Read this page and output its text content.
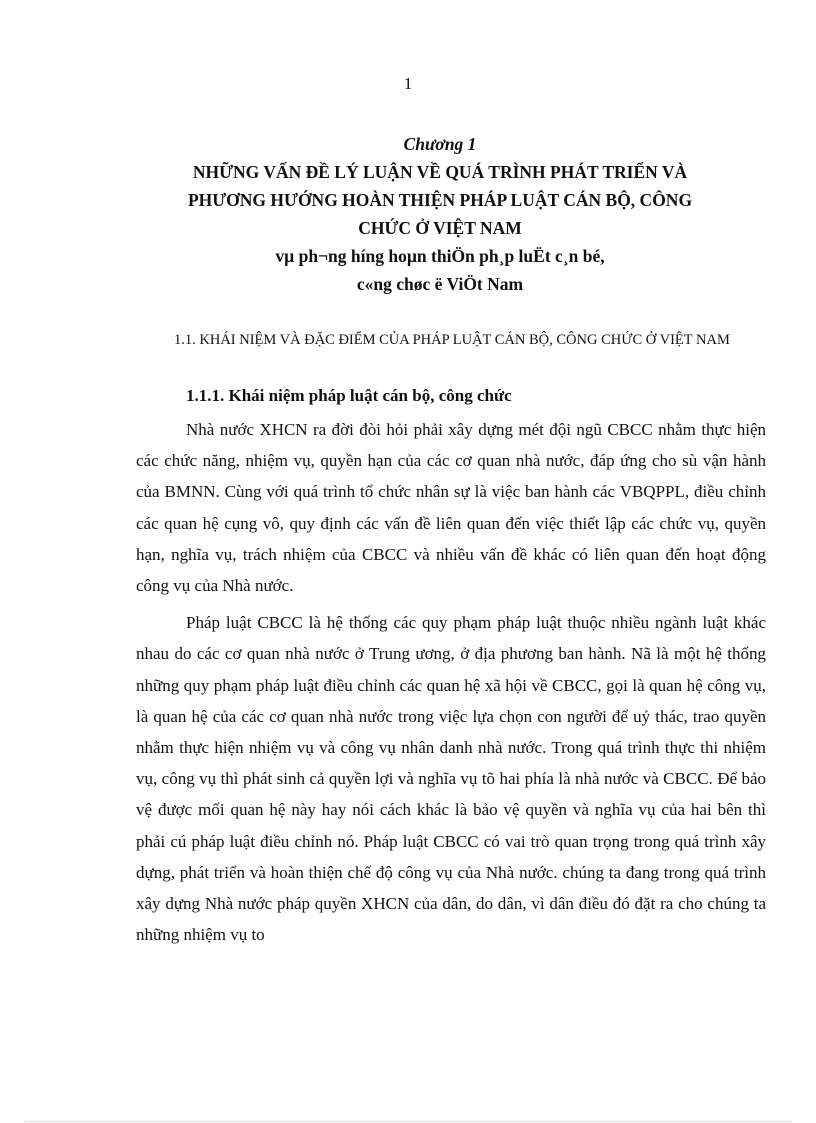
1
Chương 1
NHỮNG VẤN ĐỀ LÝ LUẬN VỀ QUÁ TRÌNH PHÁT TRIỂN VÀ
PHƯƠNG HƯỚNG HOÀN THIỆN PHÁP LUẬT CÁN BỘ, CÔNG
CHỨC Ở VIỆT NAM
vµ ph¬ng híng hoµn thiÖn ph¸p luËt c¸n bé,
c«ng chøc ë ViÖt Nam
1.1. KHÁI NIỆM VÀ ĐẶC ĐIỂM CỦA PHÁP LUẬT CÁN BỘ, CÔNG CHỨC Ở VIỆT NAM
1.1.1. Khái niệm pháp luật cán bộ, công chức

Nhà nước XHCN ra đời đòi hỏi phải xây dựng mét đội ngũ CBCC nhằm thực hiện các chức năng, nhiệm vụ, quyền hạn của các cơ quan nhà nước, đáp ứng cho sù vận hành của BMNN. Cùng với quá trình tổ chức nhân sự là việc ban hành các VBQPPL, điều chỉnh các quan hệ cụng vô, quy định các vấn đề liên quan đến việc thiết lập các chức vụ, quyền hạn, nghĩa vụ, trách nhiệm của CBCC và nhiều vấn đề khác có liên quan đến hoạt động công vụ của Nhà nước.

Pháp luật CBCC là hệ thống các quy phạm pháp luật thuộc nhiều ngành luật khác nhau do các cơ quan nhà nước ở Trung ương, ở địa phương ban hành. Nã là một hệ thống những quy phạm pháp luật điều chỉnh các quan hệ xã hội về CBCC, gọi là quan hệ công vụ, là quan hệ của các cơ quan nhà nước trong việc lựa chọn con người để uỷ thác, trao quyền nhằm thực hiện nhiệm vụ và công vụ nhân danh nhà nước. Trong quá trình thực thi nhiệm vụ, công vụ thì phát sinh cả quyền lợi và nghĩa vụ tõ hai phía là nhà nước và CBCC. Để bảo vệ được mối quan hệ này hay nói cách khác là bảo vệ quyền và nghĩa vụ của hai bên thì phải cú pháp luật điều chỉnh nó. Pháp luật CBCC có vai trò quan trọng trong quá trình xây dựng, phát triển và hoàn thiện chế độ công vụ của Nhà nước. chúng ta đang trong quá trình xây dựng Nhà nước pháp quyền XHCN của dân, do dân, vì dân điều đó đặt ra cho chúng ta những nhiệm vụ to
